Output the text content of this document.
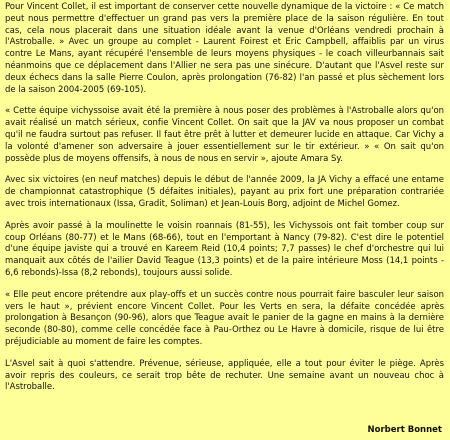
Pour Vincent Collet, il est important de conserver cette nouvelle dynamique de la victoire : « Ce match peut nous permettre d'effectuer un grand pas vers la première place de la saison régulière. En tout cas, cela nous placerait dans une situation idéale avant la venue d'Orléans vendredi prochain à l'Astroballe. » Avec un groupe au complet - Laurent Foirest et Eric Campbell, affaiblis par un virus contre Le Mans, ayant récupéré l'ensemble de leurs moyens physiques - le coach villeurbannais sait néanmoins que ce déplacement dans l'Allier ne sera pas une sinécure. D'autant que l'Asvel reste sur deux échecs dans la salle Pierre Coulon, après prolongation (76-82) l'an passé et plus sèchement lors de la saison 2004-2005 (69-105).

« Cette équipe vichyssoise avait été la première à nous poser des problèmes à l'Astroballe alors qu'on avait réalisé un match sérieux, confie Vincent Collet. On sait que la JAV va nous proposer un combat qu'il ne faudra surtout pas refuser. Il faut être prêt à lutter et demeurer lucide en attaque. Car Vichy a la volonté d'amener son adversaire à jouer essentiellement sur le tir extérieur. » « On sait qu'on possède plus de moyens offensifs, à nous de nous en servir », ajoute Amara Sy.

Avec six victoires (en neuf matches) depuis le début de l'année 2009, la JA Vichy a effacé une entame de championnat catastrophique (5 défaites initiales), payant au prix fort une préparation contrariée avec trois internationaux (Issa, Gradit, Soliman) et Jean-Louis Borg, adjoint de Michel Gomez.

Après avoir passé à la moulinette le voisin roannais (81-55), les Vichyssois ont fait tomber coup sur coup Orléans (80-77) et le Mans (68-66), tout en l'emportant à Nancy (79-82). C'est dire le potentiel d'une équipe javiste qui a trouvé en Kareem Reid (10,4 points; 7,7 passes) le chef d'orchestre qui lui manquait aux côtés de l'ailier David Teague (13,3 points) et de la paire intérieure Moss (14,1 points - 6,6 rebonds)-Issa (8,2 rebonds), toujours aussi solide.

« Elle peut encore prétendre aux play-offs et un succès contre nous pourrait faire basculer leur saison vers le haut », prévient encore Vincent Collet. Pour les Verts en sera, la défaite concédée après prolongation à Besançon (90-96), alors que Teague avait le panier de la gagne en mains à la dernière seconde (80-80), comme celle concédée face à Pau-Orthez ou Le Havre à domicile, risque de lui être préjudiciable au moment de faire les comptes.

L'Asvel sait à quoi s'attendre. Prévenue, sérieuse, appliquée, elle a tout pour éviter le piège. Après avoir repris des couleurs, ce serait trop bête de rechuter. Une semaine avant un nouveau choc à l'Astroballe.

Norbert Bonnet
